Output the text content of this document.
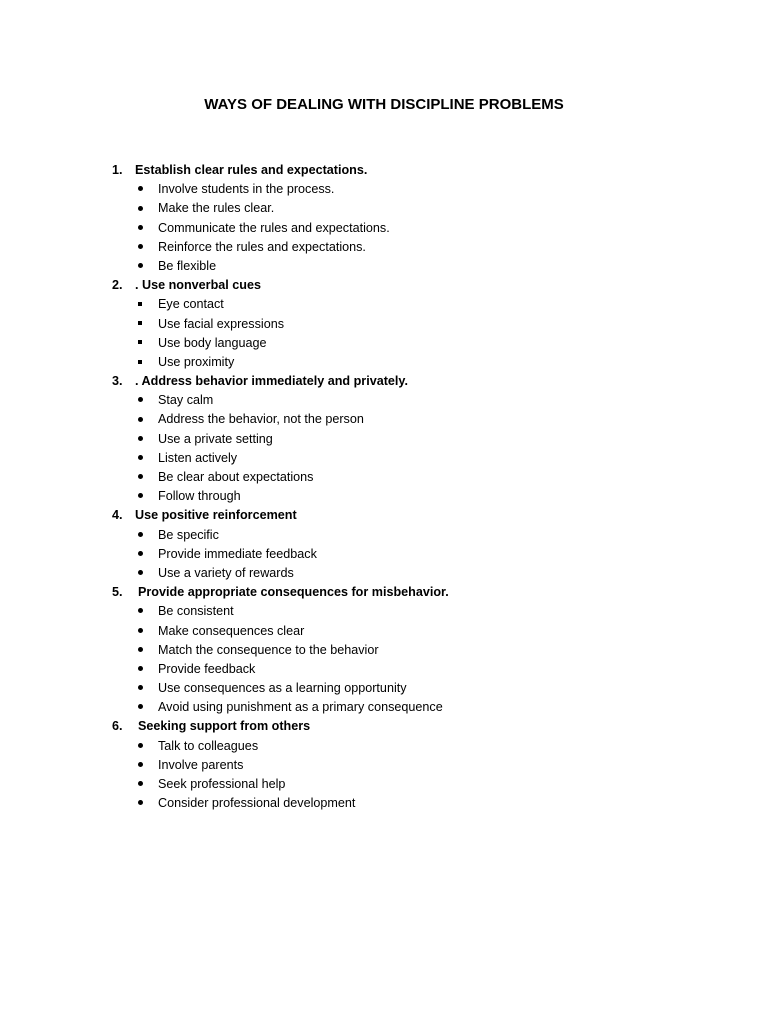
WAYS OF DEALING WITH DISCIPLINE PROBLEMS
1. Establish clear rules and expectations.
Involve students in the process.
Make the rules clear.
Communicate the rules and expectations.
Reinforce the rules and expectations.
Be flexible
2. . Use nonverbal cues
Eye contact
Use facial expressions
Use body language
Use proximity
3. . Address behavior immediately and privately.
Stay calm
Address the behavior, not the person
Use a private setting
Listen actively
Be clear about expectations
Follow through
4. Use positive reinforcement
Be specific
Provide immediate feedback
Use a variety of rewards
5.	Provide appropriate consequences for misbehavior.
Be consistent
Make consequences clear
Match the consequence to the behavior
Provide feedback
Use consequences as a learning opportunity
Avoid using punishment as a primary consequence
6.	Seeking support from others
Talk to colleagues
Involve parents
Seek professional help
Consider professional development
